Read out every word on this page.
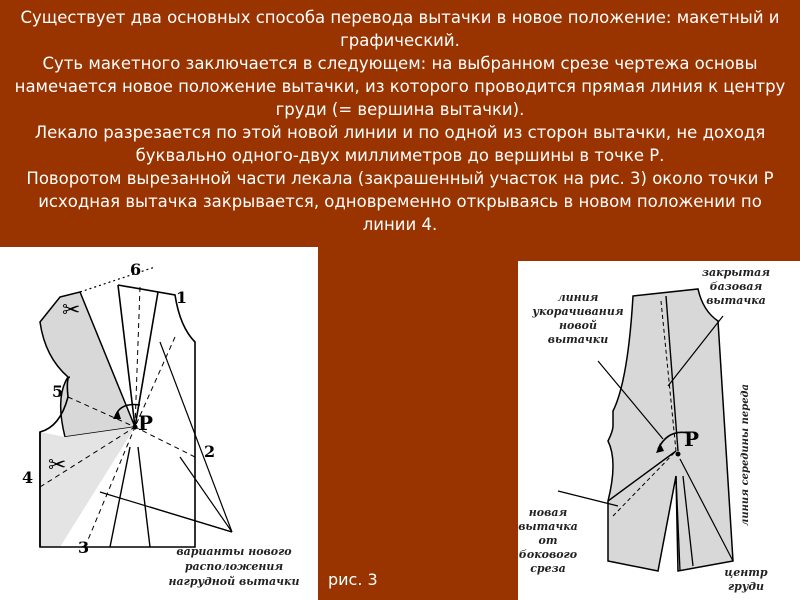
Существует два основных способа перевода вытачки в новое положение: макетный и графический.

Суть макетного заключается в следующем: на выбранном срезе чертежа основы намечается новое положение вытачки, из которого проводится прямая линия к центру груди (= вершина вытачки).

Лекало разрезается по этой новой линии и по одной из сторон вытачки, не доходя буквально одного-двух миллиметров до вершины в точке Р.

Поворотом вырезанной части лекала (закрашенный участок на рис. 3) около точки Р исходная вытачка закрывается, одновременно открываясь в новом положении по линии 4.

✂
✂
6
1
5
2
4
3
P
варианты нового
расположения
нагрудной вытачки рис. 3
P
закрытая
базовая
вытачка
линия
укорачивания
новой
вытачки
линия середины переда
новая
вытачка
от
бокового
среза	центр
груди
